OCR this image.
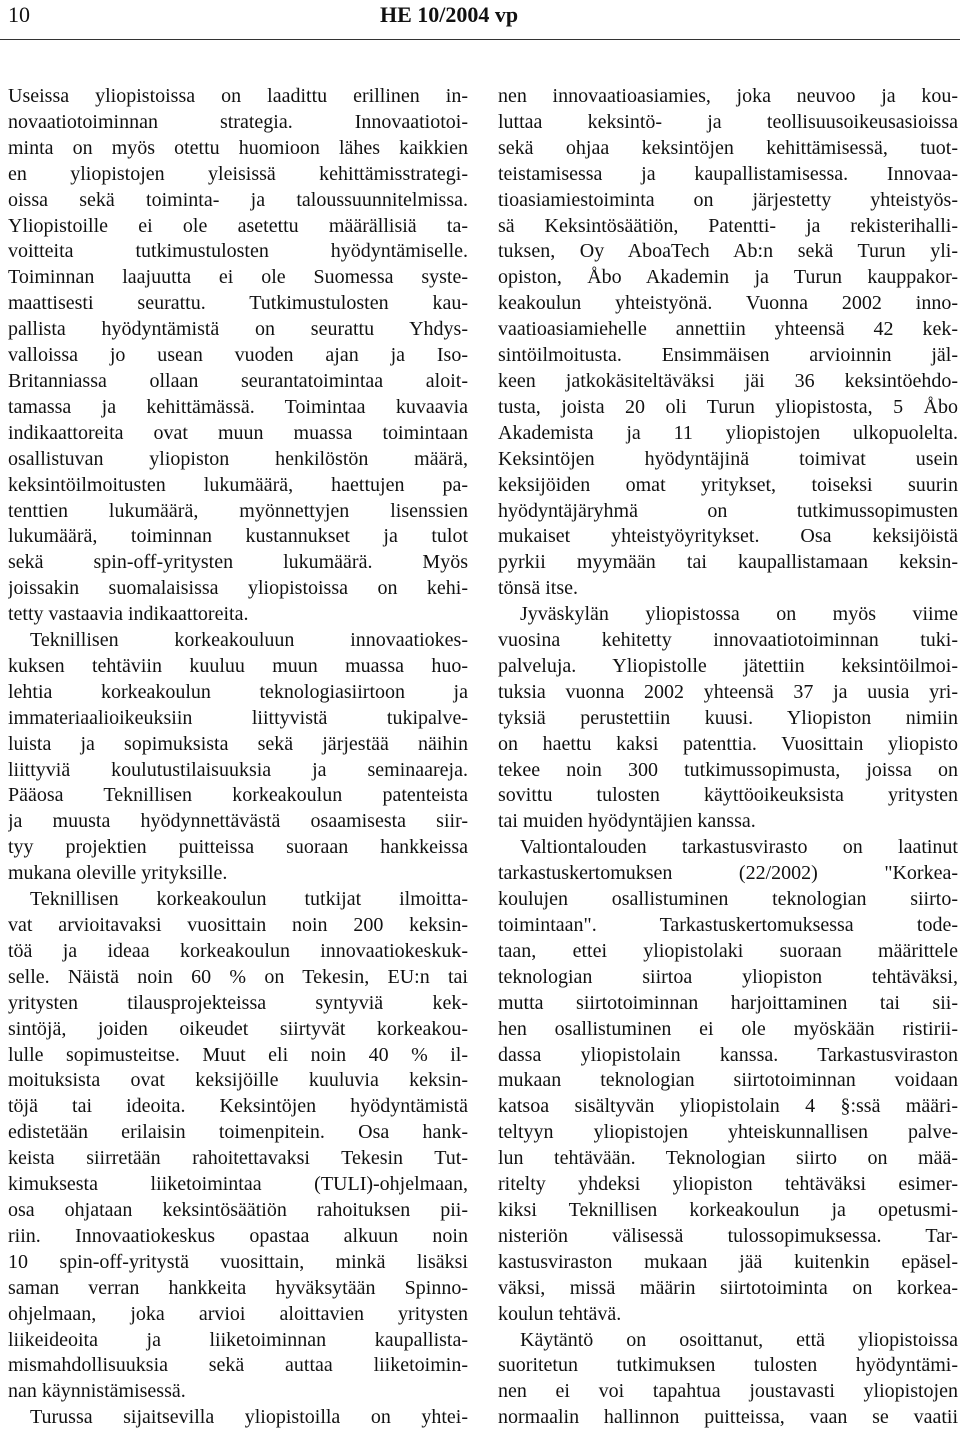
10	HE 10/2004 vp
Useissa yliopistoissa on laadittu erillinen in-
novaatiotoiminnan strategia. Innovaatiotoi-
minta on myös otettu huomioon lähes kaikkien
en yliopistojen yleisissä kehittämisstrategi-
oissa sekä toiminta- ja taloussuunnitelmissa.
Yliopistoille ei ole asetettu määrällisiä ta-
voitteita tutkimustulosten hyödyntämiselle.
Toiminnan laajuutta ei ole Suomessa syste-
maattisesti seurattu. Tutkimustulosten kau-
pallista hyödyntämistä on seurattu Yhdys-
valloissa jo usean vuoden ajan ja Iso-
Britanniassa ollaan seurantatoimintaa aloit-
tamassa ja kehittämässä. Toimintaa kuvaavia
indikaattoreita ovat muun muassa toimintaan
osallistuvan yliopiston henkilöstön määrä,
keksintöilmoitusten lukumäärä, haettujen pa-
tenttien lukumäärä, myönnettyjen lisenssien
lukumäärä, toiminnan kustannukset ja tulot
sekä spin-off-yritysten lukumäärä. Myös
joissakin suomalaisissa yliopistoissa on kehi-
tetty vastaavia indikaattoreita.
Teknillisen korkeakouluun innovaatiokes-
kuksen tehtäviin kuuluu muun muassa huo-
lehtia korkeakoulun teknologiasiirtoon ja
immateriaalioikeuksiin liittyvistä tukipalve-
luista ja sopimuksista sekä järjestää näihin
liittyviä koulutustilaisuuksia ja seminaareja.
Pääosa Teknillisen korkeakoulun patenteista
ja muusta hyödynnettävästä osaamisesta siir-
tyy projektien puitteissa suoraan hankkeissa
mukana oleville yrityksille.
Teknillisen korkeakoulun tutkijat ilmoitta-
vat arvioitavaksi vuosittain noin 200 keksin-
töä ja ideaa korkeakoulun innovaatiokeskuk-
selle. Näistä noin 60 % on Tekesin, EU:n tai
yritysten tilausprojekteissa syntyviä kek-
sintöjä, joiden oikeudet siirtyvät korkeakou-
lulle sopimusteitse. Muut eli noin 40 % il-
moituksista ovat keksijöille kuuluvia keksin-
töjä tai ideoita. Keksintöjen hyödyntämistä
edistetään erilaisin toimenpitein. Osa hank-
keista siirretään rahoitettavaksi Tekesin Tut-
kimuksesta liiketoimintaa (TULI)-ohjelmaan,
osa ohjataan keksintösäätiön rahoituksen pii-
riin. Innovaatiokeskus opastaa alkuun noin
10 spin-off-yritystä vuosittain, minkä lisäksi
saman verran hankkeita hyväksytään Spinno-
ohjelmaan, joka arvioi aloittavien yritysten
liikeideoita ja liiketoiminnan kaupallista-
mismahdollisuuksia sekä auttaa liiketoimin-
nan käynnistämisessä.
Turussa sijaitsevilla yliopistoilla on yhtei-
nen innovaatioasiamies, joka neuvoo ja kou-
luttaa keksintö- ja teollisuusoikeusasioissa
sekä ohjaa keksintöjen kehittämisessä, tuot-
teistamisessa ja kaupallistamisessa. Innovaa-
tioasiamiestoiminta on järjestetty yhteistyös-
sä Keksintösäätiön, Patentti- ja rekisterihalli-
tuksen, Oy AboaTech Ab:n sekä Turun yli-
opiston, Åbo Akademin ja Turun kauppakor-
keakoulun yhteistyönä. Vuonna 2002 inno-
vaatioasiamiehelle annettiin yhteensä 42 kek-
sintöilmoitusta. Ensimmäisen arvioinnin jäl-
keen jatkokäsiteltäväksi jäi 36 keksintöehdo-
tusta, joista 20 oli Turun yliopistosta, 5 Åbo
Akademista ja 11 yliopistojen ulkopuolelta.
Keksintöjen hyödyntäjinä toimivat usein
keksijöiden omat yritykset, toiseksi suurin
hyödyntäjäryhmä on tutkimussopimusten
mukaiset yhteistyöyritykset. Osa keksijöistä
pyrkii myymään tai kaupallistamaan keksin-
tönsä itse.
Jyväskylän yliopistossa on myös viime
vuosina kehitetty innovaatiotoiminnan tuki-
palveluja. Yliopistolle jätettiin keksintöilmoi-
tuksia vuonna 2002 yhteensä 37 ja uusia yri-
tyksiä perustettiin kuusi. Yliopiston nimiin
on haettu kaksi patenttia. Vuosittain yliopisto
tekee noin 300 tutkimussopimusta, joissa on
sovittu tulosten käyttöoikeuksista yritysten
tai muiden hyödyntäjien kanssa.
Valtiontalouden tarkastusvirasto on laatinut
tarkastuskertomuksen (22/2002) "Korkea-
koulujen osallistuminen teknologian siirto-
toimintaan". Tarkastuskertomuksessa tode-
taan, ettei yliopistolaki suoraan määrittele
teknologian siirtoa yliopiston tehtäväksi,
mutta siirtotoiminnan harjoittaminen tai sii-
hen osallistuminen ei ole myöskään ristirii-
dassa yliopistolain kanssa. Tarkastusviraston
mukaan teknologian siirtotoiminnan voidaan
katsoa sisältyvän yliopistolain 4 §:ssä määri-
teltyyn yliopistojen yhteiskunnallisen palve-
lun tehtävään. Teknologian siirto on mää-
ritelty yhdeksi yliopiston tehtäväksi esimer-
kiksi Teknillisen korkeakoulun ja opetusmi-
nisteriön välisessä tulossopimuksessa. Tar-
kastusviraston mukaan jää kuitenkin epäsel-
väksi, missä määrin siirtotoiminta on korkea-
koulun tehtävä.
Käytäntö on osoittanut, että yliopistoissa
suoritetun tutkimuksen tulosten hyödyntämi-
nen ei voi tapahtua joustavasti yliopistojen
normaalin hallinnon puitteissa, vaan se vaatii
